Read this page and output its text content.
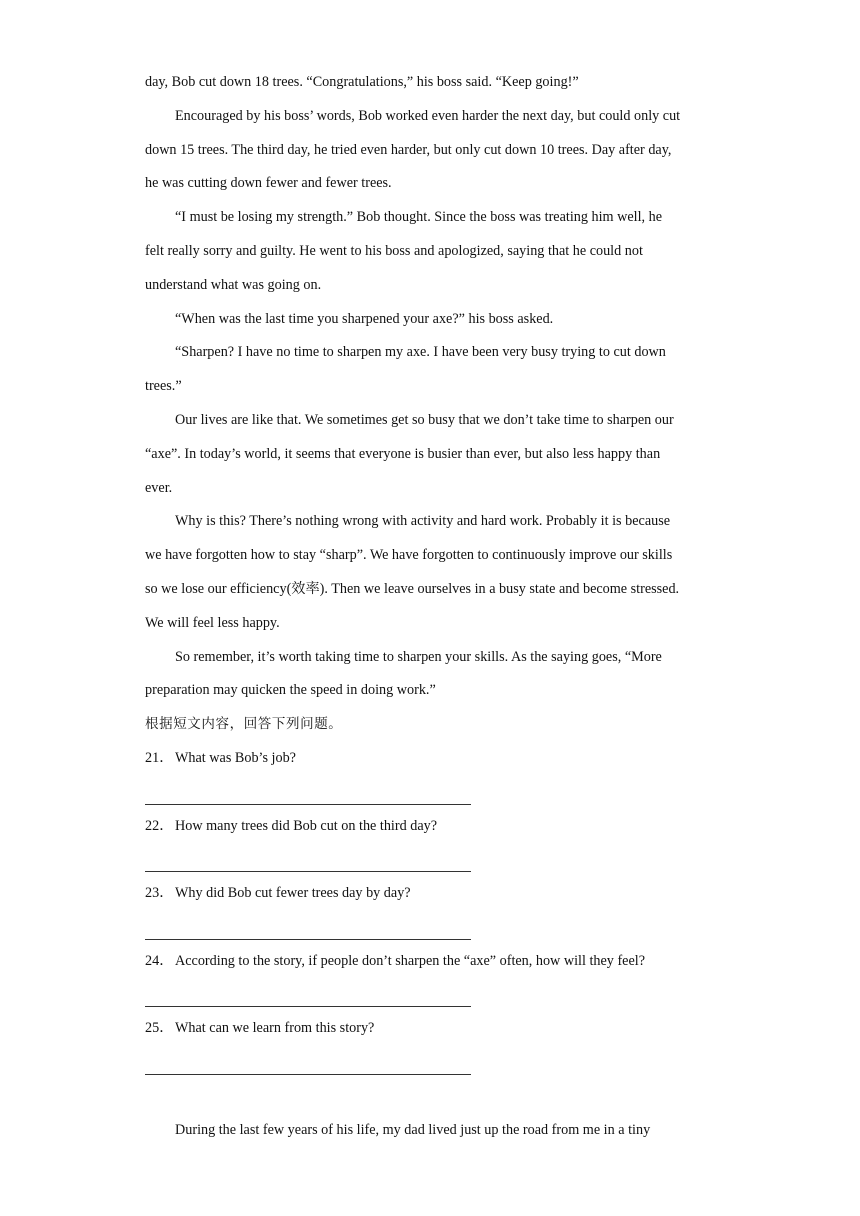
day, Bob cut down 18 trees. “Congratulations,” his boss said. “Keep going!”
Encouraged by his boss’ words, Bob worked even harder the next day, but could only cut
down 15 trees. The third day, he tried even harder, but only cut down 10 trees. Day after day,
he was cutting down fewer and fewer trees.
“I must be losing my strength.” Bob thought. Since the boss was treating him well, he
felt really sorry and guilty. He went to his boss and apologized, saying that he could not
understand what was going on.
“When was the last time you sharpened your axe?” his boss asked.
“Sharpen? I have no time to sharpen my axe. I have been very busy trying to cut down
trees.”
Our lives are like that. We sometimes get so busy that we don’t take time to sharpen our
“axe”. In today’s world, it seems that everyone is busier than ever, but also less happy than
ever.
Why is this? There’s nothing wrong with activity and hard work. Probably it is because
we have forgotten how to stay “sharp”. We have forgotten to continuously improve our skills
so we lose our efficiency(效率). Then we leave ourselves in a busy state and become stressed.
We will feel less happy.
So remember, it’s worth taking time to sharpen your skills. As the saying goes, “More
preparation may quicken the speed in doing work.”
根据短文内容，回答下列问题。
21． What was Bob’s job?
22． How many trees did Bob cut on the third day?
23． Why did Bob cut fewer trees day by day?
24． According to the story, if people don’t sharpen the “axe” often, how will they feel?
25． What can we learn from this story?
During the last few years of his life, my dad lived just up the road from me in a tiny
